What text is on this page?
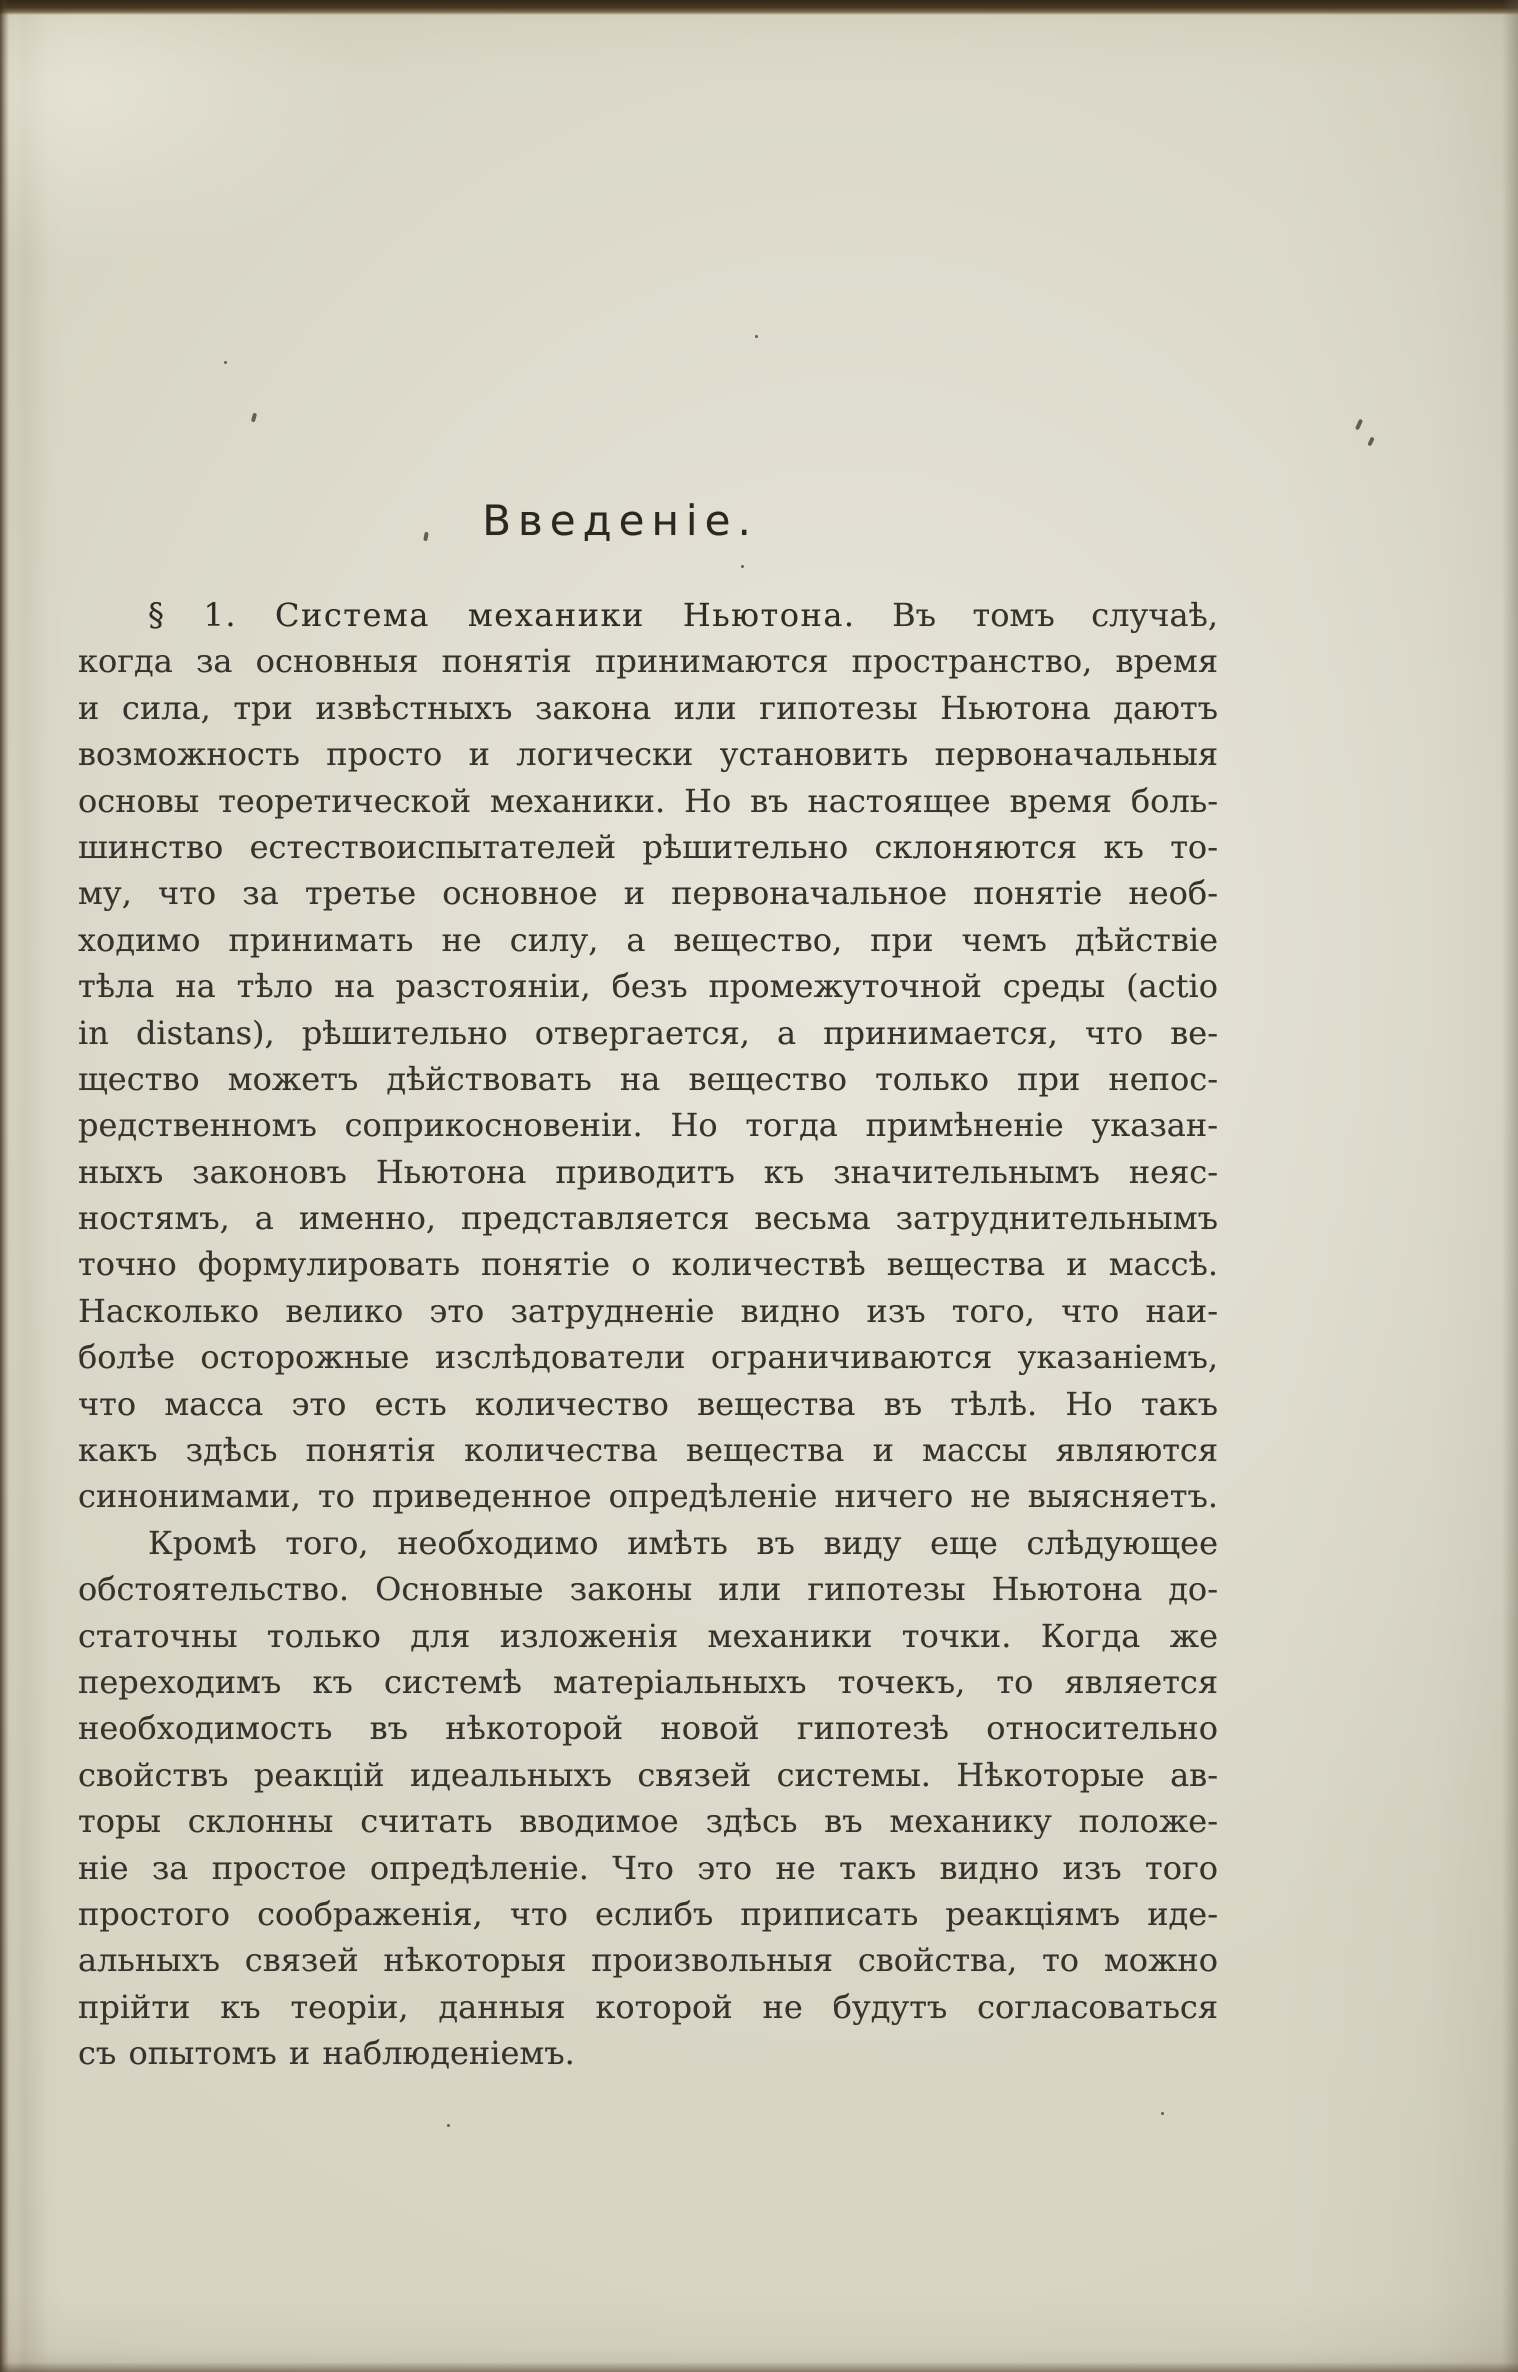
Введеніе.
§ 1. Система механики Ньютона. Въ томъ случаѣ,
когда за основныя понятія принимаются пространство, время
и сила, три извѣстныхъ закона или гипотезы Ньютона даютъ
возможность просто и логически установить первоначальныя
основы теоретической механики. Но въ настоящее время боль-
шинство естествоиспытателей рѣшительно склоняются къ то-
му, что за третье основное и первоначальное понятіе необ-
ходимо принимать не силу, а вещество, при чемъ дѣйствіе
тѣла на тѣло на разстояніи, безъ промежуточной среды (actio
in distans), рѣшительно отвергается, а принимается, что ве-
щество можетъ дѣйствовать на вещество только при непос-
редственномъ соприкосновеніи. Но тогда примѣненіе указан-
ныхъ законовъ Ньютона приводитъ къ значительнымъ неяс-
ностямъ, а именно, представляется весьма затруднительнымъ
точно формулировать понятіе о количествѣ вещества и массѣ.
Насколько велико это затрудненіе видно изъ того, что наи-
болѣе осторожные изслѣдователи ограничиваются указаніемъ,
что масса это есть количество вещества въ тѣлѣ. Но такъ
какъ здѣсь понятія количества вещества и массы являются
синонимами, то приведенное опредѣленіе ничего не выясняетъ.
Кромѣ того, необходимо имѣть въ виду еще слѣдующее
обстоятельство. Основные законы или гипотезы Ньютона до-
статочны только для изложенія механики точки. Когда же
переходимъ къ системѣ матеріальныхъ точекъ, то является
необходимость въ нѣкоторой новой гипотезѣ относительно
свойствъ реакцій идеальныхъ связей системы. Нѣкоторые ав-
торы склонны считать вводимое здѣсь въ механику положе-
ніе за простое опредѣленіе. Что это не такъ видно изъ того
простого соображенія, что еслибъ приписать реакціямъ иде-
альныхъ связей нѣкоторыя произвольныя свойства, то можно
прійти къ теоріи, данныя которой не будутъ согласоваться
съ опытомъ и наблюденіемъ.
